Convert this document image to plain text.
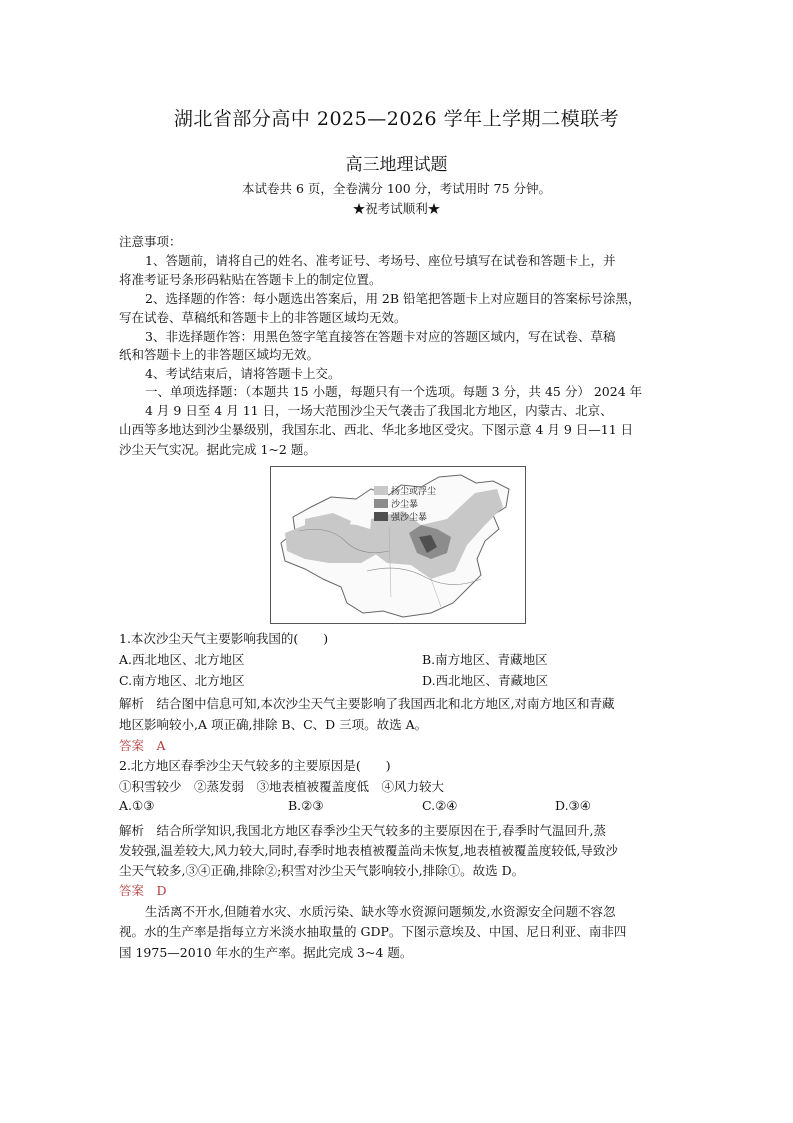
湖北省部分高中 2025—2026 学年上学期二模联考
高三地理试题
本试卷共 6 页，全卷满分 100 分，考试用时 75 分钟。
★祝考试顺利★
注意事项：
1、答题前，请将自己的姓名、准考证号、考场号、座位号填写在试卷和答题卡上，并
将准考证号条形码粘贴在答题卡上的制定位置。
2、选择题的作答：每小题选出答案后，用 2B 铅笔把答题卡上对应题目的答案标号涂黑，
写在试卷、草稿纸和答题卡上的非答题区域均无效。
3、非选择题作答：用黑色签字笔直接答在答题卡对应的答题区域内，写在试卷、草稿
纸和答题卡上的非答题区域均无效。
4、考试结束后，请将答题卡上交。
一、单项选择题：（本题共 15 小题，每题只有一个选项。每题 3 分，共 45 分） 2024 年
4 月 9 日至 4 月 11 日，一场大范围沙尘天气袭击了我国北方地区，内蒙古、北京、
山西等多地达到沙尘暴级别，我国东北、西北、华北多地区受灾。下图示意 4 月 9 日—11 日
沙尘天气实况。据此完成 1~2 题。
扬尘或浮尘
沙尘暴
强沙尘暴
1.本次沙尘天气主要影响我国的(　　)
A.西北地区、北方地区	B.南方地区、青藏地区
C.南方地区、北方地区	D.西北地区、青藏地区
解析　 结合图中信息可知,本次沙尘天气主要影响了我国西北和北方地区,对南方地区和青藏
地区影响较小,A 项正确,排除 B、C、D 三项。故选 A。
答案　 A
2.北方地区春季沙尘天气较多的主要原因是(　　)
①积雪较少　②蒸发弱　③地表植被覆盖度低　④风力较大
A.①③	B.②③	C.②④	D.③④
解析　 结合所学知识,我国北方地区春季沙尘天气较多的主要原因在于,春季时气温回升,蒸
发较强,温差较大,风力较大,同时,春季时地表植被覆盖尚未恢复,地表植被覆盖度较低,导致沙
尘天气较多,③④正确,排除②;积雪对沙尘天气影响较小,排除①。故选 D。
答案　 D
生活离不开水,但随着水灾、水质污染、缺水等水资源问题频发,水资源安全问题不容忽
视。水的生产率是指每立方米淡水抽取量的 GDP。下图示意埃及、中国、尼日利亚、南非四
国 1975—2010 年水的生产率。据此完成 3~4 题。
